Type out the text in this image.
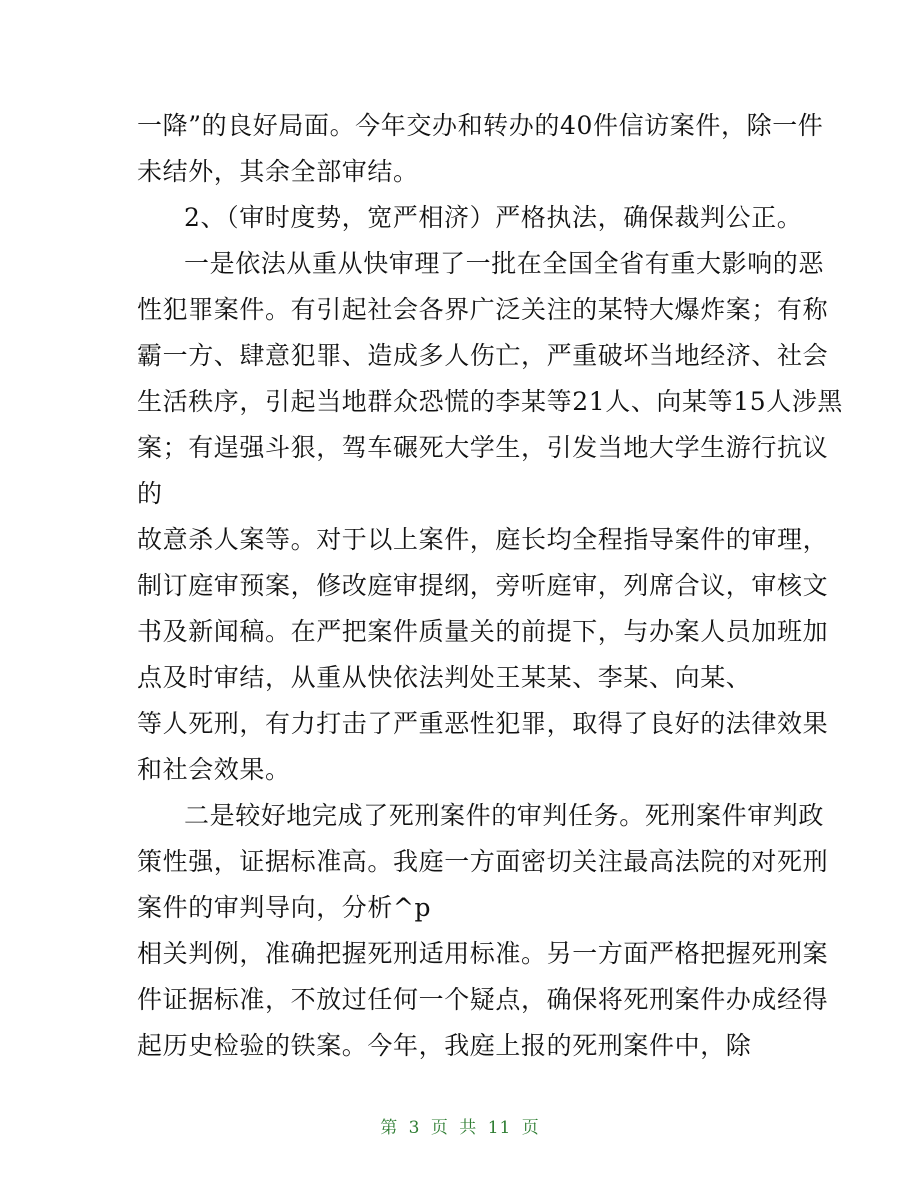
一降”的良好局面。今年交办和转办的40件信访案件，除一件
未结外，其余全部审结。
2、（审时度势，宽严相济）严格执法，确保裁判公正。
一是依法从重从快审理了一批在全国全省有重大影响的恶
性犯罪案件。有引起社会各界广泛关注的某特大爆炸案；有称
霸一方、肆意犯罪、造成多人伤亡，严重破坏当地经济、社会
生活秩序，引起当地群众恐慌的李某等21人、向某等15人涉黑
案；有逞强斗狠，驾车碾死大学生，引发当地大学生游行抗议
的
故意杀人案等。对于以上案件，庭长均全程指导案件的审理，
制订庭审预案，修改庭审提纲，旁听庭审，列席合议，审核文
书及新闻稿。在严把案件质量关的前提下，与办案人员加班加
点及时审结，从重从快依法判处王某某、李某、向某、
等人死刑，有力打击了严重恶性犯罪，取得了良好的法律效果
和社会效果。
二是较好地完成了死刑案件的审判任务。死刑案件审判政
策性强，证据标准高。我庭一方面密切关注最高法院的对死刑
案件的审判导向，分析^p
相关判例，准确把握死刑适用标准。另一方面严格把握死刑案
件证据标准，不放过任何一个疑点，确保将死刑案件办成经得
起历史检验的铁案。今年，我庭上报的死刑案件中，除
第 3 页 共 11 页
